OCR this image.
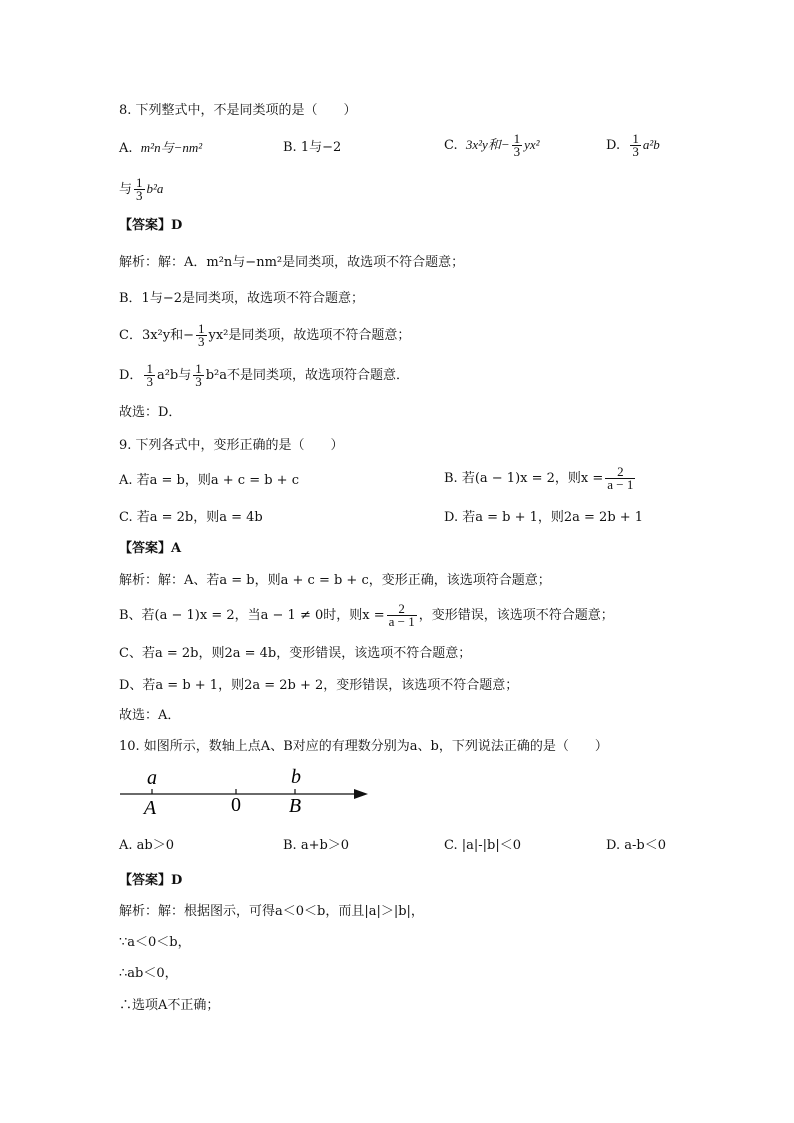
8. 下列整式中，不是同类项的是（　　）
A. m²n与−nm²	B. 1与−2	C. 3x²y和− $\frac{1}{3} yx^2$	D. $\frac{1}{3} a^2b$
与 $\frac{1}{3} b^2a$
【答案】D
解析：解：A．m²n与−nm²是同类项，故选项不符合题意；
B．1与−2是同类项，故选项不符合题意；
C．3x²y和− $\frac{1}{3} yx^2$是同类项，故选项不符合题意；
D． $\frac{1}{3} a^2b$与 $\frac{1}{3} b^2a$不是同类项，故选项符合题意．
故选：D．
9. 下列各式中，变形正确的是（　　）
A. 若a = b，则a + c = b + c	B. 若(a − 1)x = 2，则$x = \frac{2}{a - 1}$
C. 若a = 2b，则a = 4b	D. 若a = b + 1，则2a = 2b + 1
【答案】A
解析：解：A、若a = b，则a + c = b + c，变形正确，该选项符合题意；
B、若(a − 1)x = 2，当a − 1 ≠ 0时，则$x = \frac{2}{a - 1}$ ，变形错误，该选项不符合题意；
C、若a = 2b，则2a = 4b，变形错误，该选项不符合题意；
D、若a = b + 1，则2a = 2b + 2，变形错误，该选项不符合题意；
故选：A．
10. 如图所示，数轴上点A、B对应的有理数分别为a、b，下列说法正确的是（　　）
a
A	0
b
B
A. ab＞0	B. a+b＞0	C. |a|-|b|＜0	D. a-b＜0
【答案】D
解析：解：根据图示，可得a＜0＜b，而且|a|＞|b|，
∵a＜0＜b，
∴ab＜0，
∴选项A不正确；
